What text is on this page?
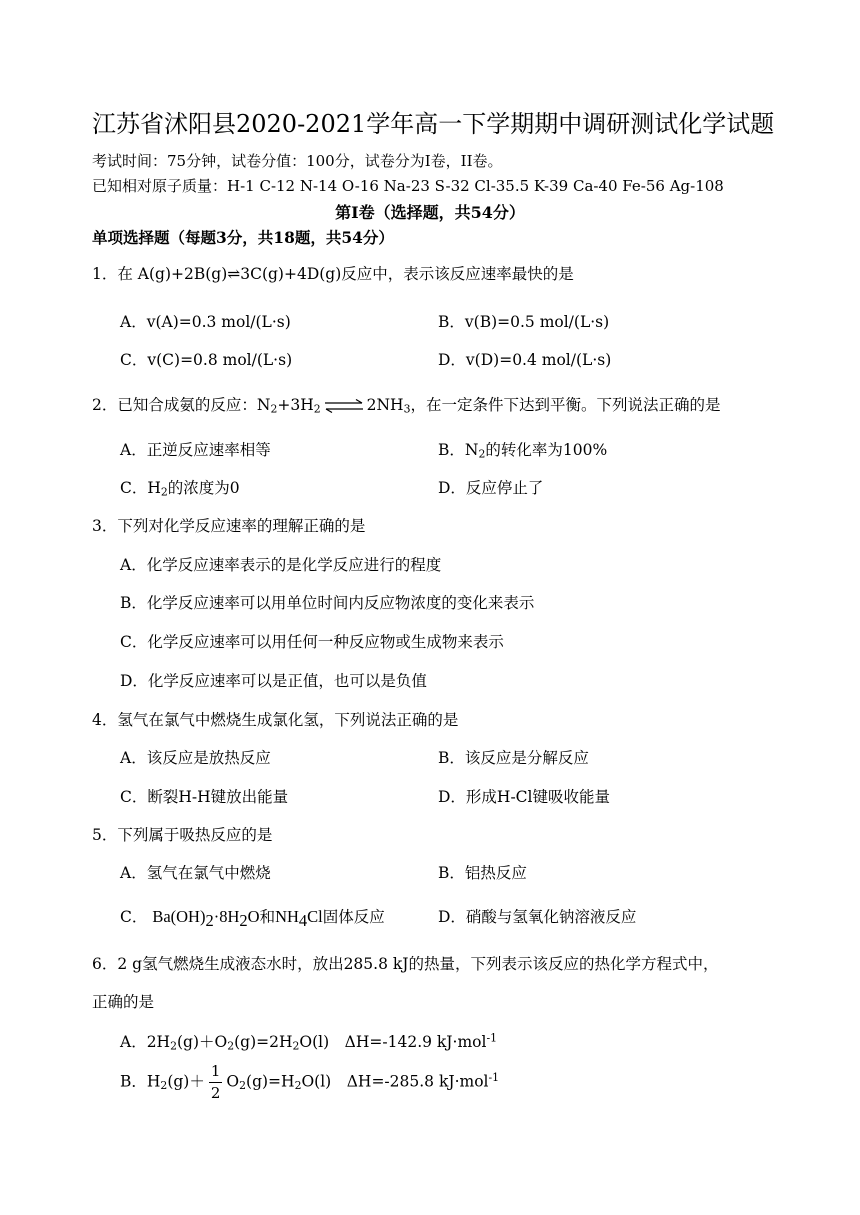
江苏省沭阳县2020-2021学年高一下学期期中调研测试化学试题
考试时间：75分钟，试卷分值：100分，试卷分为I卷，II卷。
已知相对原子质量：H-1 C-12 N-14 O-16 Na-23 S-32 Cl-35.5 K-39 Ca-40 Fe-56 Ag-108
第I卷（选择题，共54分）
单项选择题（每题3分，共18题，共54分）
1．在 A(g)+2B(g)⇌3C(g)+4D(g)反应中，表示该反应速率最快的是
A．v(A)=0.3 mol/(L·s)	B．v(B)=0.5 mol/(L·s)
C．v(C)=0.8 mol/(L·s)	D．v(D)=0.4 mol/(L·s)
2．已知合成氨的反应：$N_2+3H_2$ ⇌ $2NH_3$，在一定条件下达到平衡。下列说法正确的是
A．正逆反应速率相等	B．$N_2$的转化率为100%
C．$H_2$的浓度为0	D．反应停止了
3．下列对化学反应速率的理解正确的是
A．化学反应速率表示的是化学反应进行的程度
B．化学反应速率可以用单位时间内反应物浓度的变化来表示
C．化学反应速率可以用任何一种反应物或生成物来表示
D．化学反应速率可以是正值，也可以是负值
4．氢气在氯气中燃烧生成氯化氢，下列说法正确的是
A．该反应是放热反应	B．该反应是分解反应
C．断裂H-H键放出能量	D．形成H-Cl键吸收能量
5．下列属于吸热反应的是
A．氢气在氯气中燃烧	B．铝热反应
C． $Ba(OH)_2\cdot 8H_2O$和$NH_4Cl$固体反应	D．硝酸与氢氧化钠溶液反应
6．2 g氢气燃烧生成液态水时，放出285.8 kJ的热量，下列表示该反应的热化学方程式中，
正确的是
A．$2H_2(g)+O_2(g)=2H_2O(l)$　ΔH=-142.9 kJ·mol$^{-1}$
B．$H_2(g)+ \frac{1}{2} O_2(g)=H_2O(l)$　ΔH=-285.8 kJ·mol$^{-1}$
